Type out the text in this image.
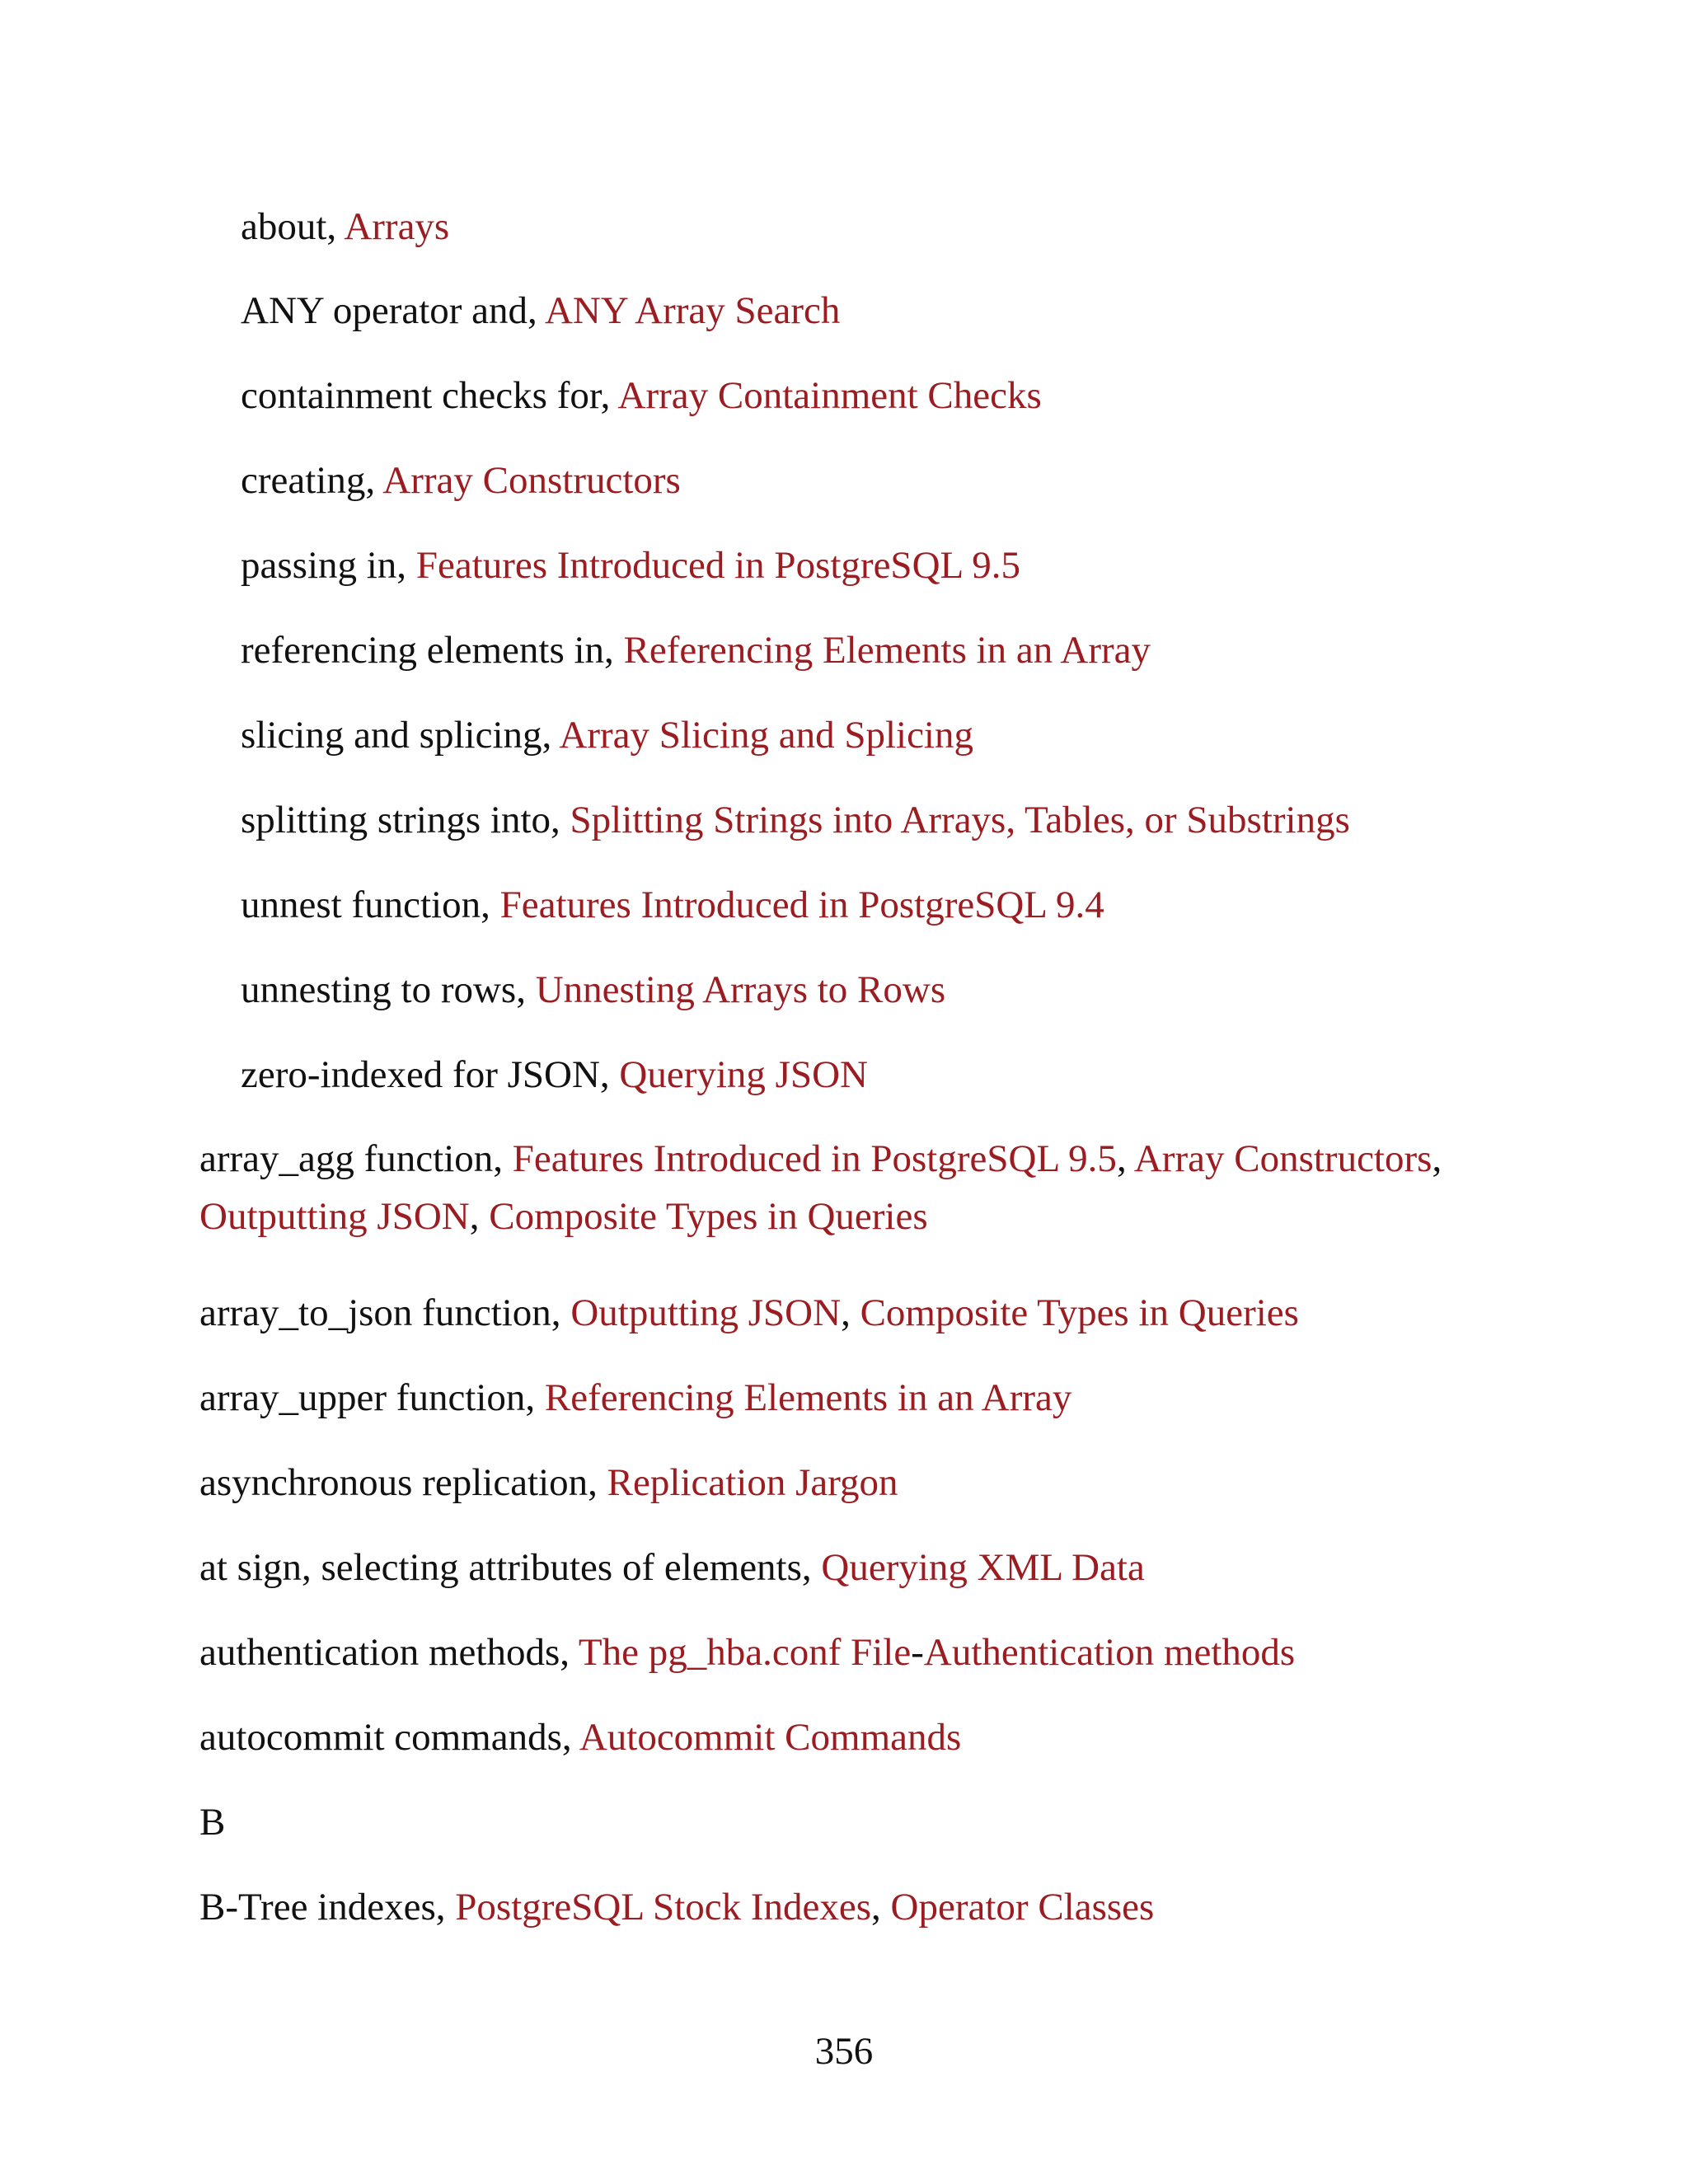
about, Arrays
ANY operator and, ANY Array Search
containment checks for, Array Containment Checks
creating, Array Constructors
passing in, Features Introduced in PostgreSQL 9.5
referencing elements in, Referencing Elements in an Array
slicing and splicing, Array Slicing and Splicing
splitting strings into, Splitting Strings into Arrays, Tables, or Substrings
unnest function, Features Introduced in PostgreSQL 9.4
unnesting to rows, Unnesting Arrays to Rows
zero-indexed for JSON, Querying JSON
array_agg function, Features Introduced in PostgreSQL 9.5, Array Constructors, Outputting JSON, Composite Types in Queries
array_to_json function, Outputting JSON, Composite Types in Queries
array_upper function, Referencing Elements in an Array
asynchronous replication, Replication Jargon
at sign, selecting attributes of elements, Querying XML Data
authentication methods, The pg_hba.conf File-Authentication methods
autocommit commands, Autocommit Commands
B
B-Tree indexes, PostgreSQL Stock Indexes, Operator Classes
356
